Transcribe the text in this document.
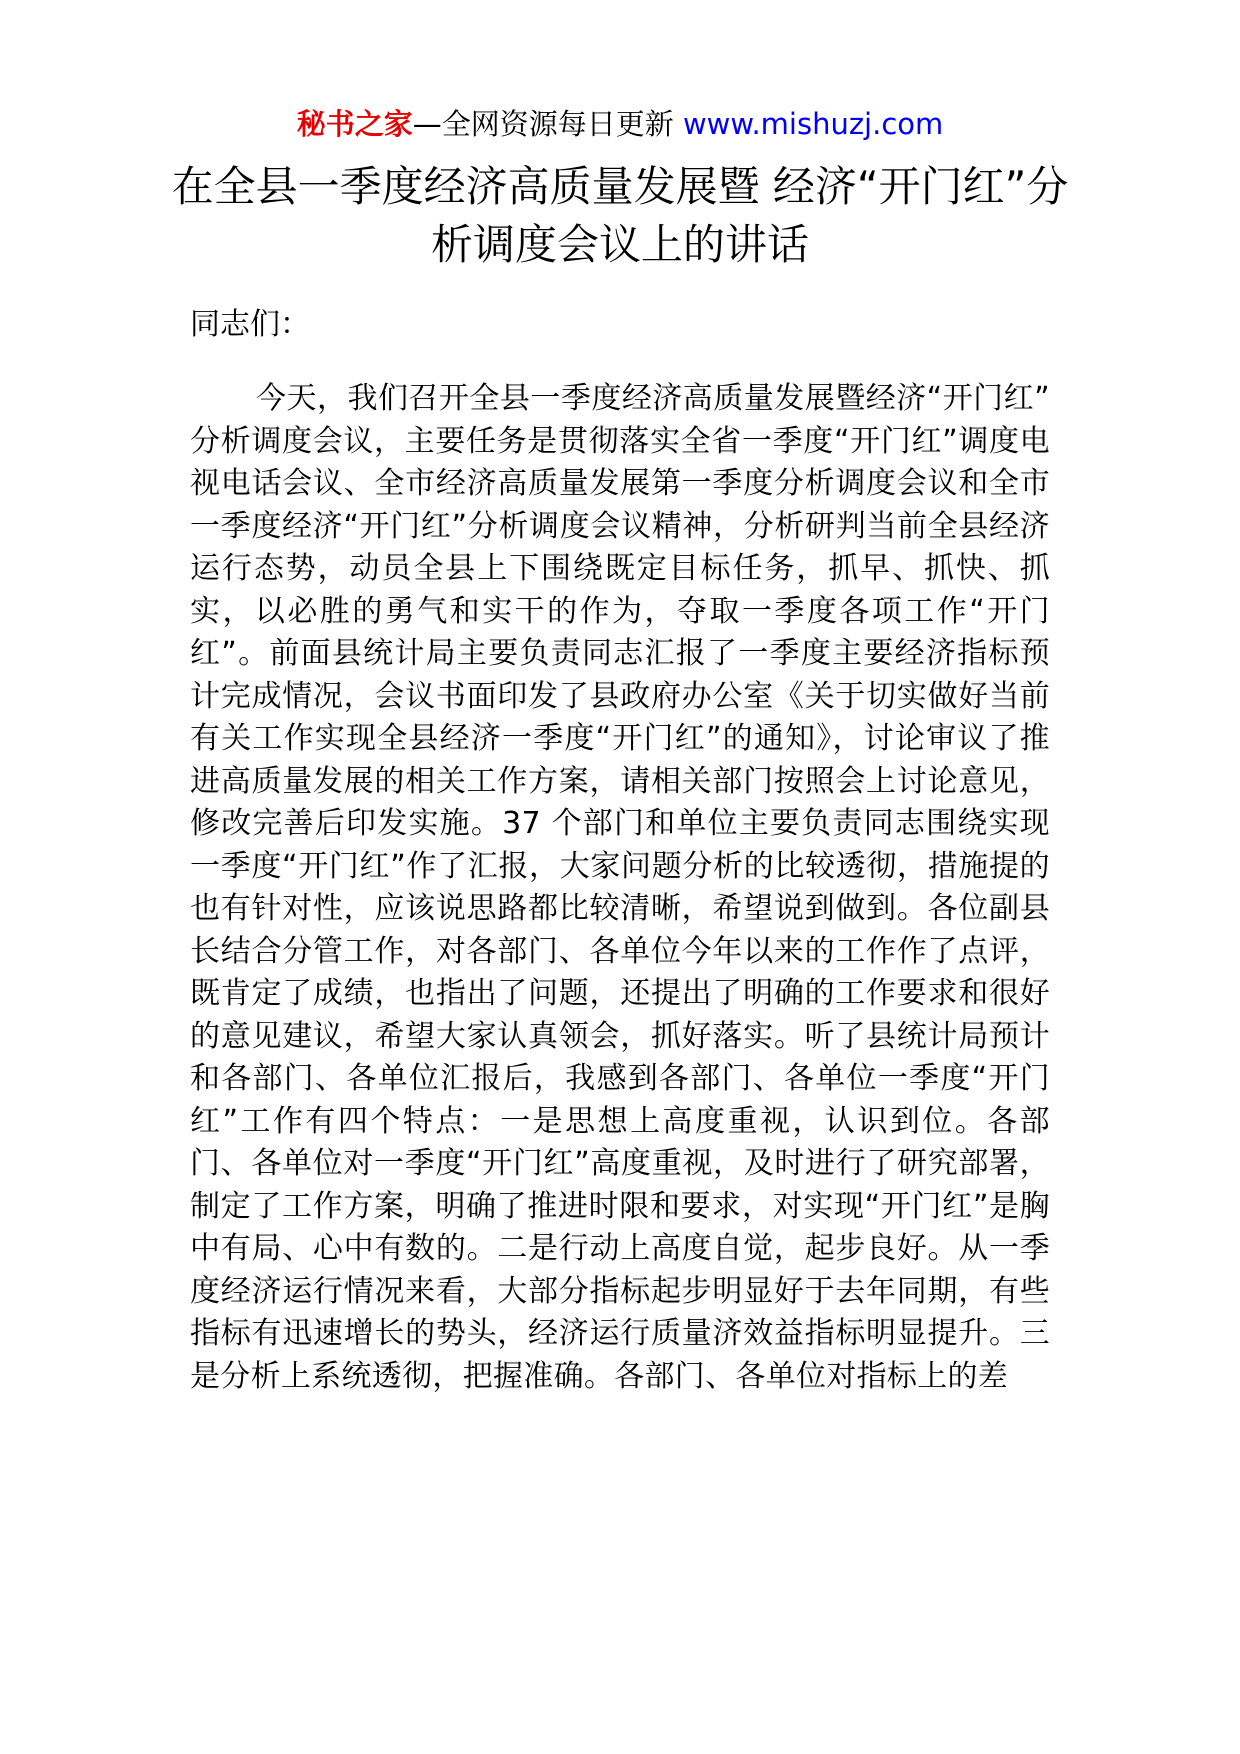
秘书之家—全网资源每日更新 www.mishuzj.com
在全县一季度经济高质量发展暨 经济“开门红”分析调度会议上的讲话

同志们：

今天，我们召开全县一季度经济高质量发展暨经济“开门红” 分析调度会议，主要任务是贯彻落实全省一季度“开门红”调度电视电话会议、全市经济高质量发展第一季度分析调度会议和全市一季度经济“开门红”分析调度会议精神，分析研判当前全县经济运行态势，动员全县上下围绕既定目标任务，抓早、抓快、抓实，以必胜的勇气和实干的作为，夺取一季度各项工作“开门红”。前面县统计局主要负责同志汇报了一季度主要经济指标预计完成情况，会议书面印发了县政府办公室《关于切实做好当前有关工作实现全县经济一季度“开门红”的通知》，讨论审议了推进高质量发展的相关工作方案，请相关部门按照会上讨论意见，修改完善后印发实施。37 个部门和单位主要负责同志围绕实现一季度“开门红”作了汇报，大家问题分析的比较透彻，措施提的也有针对性，应该说思路都比较清晰，希望说到做到。各位副县长结合分管工作，对各部门、各单位今年以来的工作作了点评，既肯定了成绩，也指出了问题，还提出了明确的工作要求和很好的意见建议，希望大家认真领会，抓好落实。听了县统计局预计和各部门、各单位汇报后，我感到各部门、各单位一季度“开门红”工作有四个特点：一是思想上高度重视，认识到位。各部门、各单位对一季度“开门红”高度重视，及时进行了研究部署，制定了工作方案，明确了推进时限和要求，对实现“开门红”是胸中有局、心中有数的。二是行动上高度自觉，起步良好。从一季度经济运行情况来看，大部分指标起步明显好于去年同期，有些指标有迅速增长的势头，经济运行质量济效益指标明显提升。三是分析上系统透彻，把握准确。各部门、各单位对指标上的差
